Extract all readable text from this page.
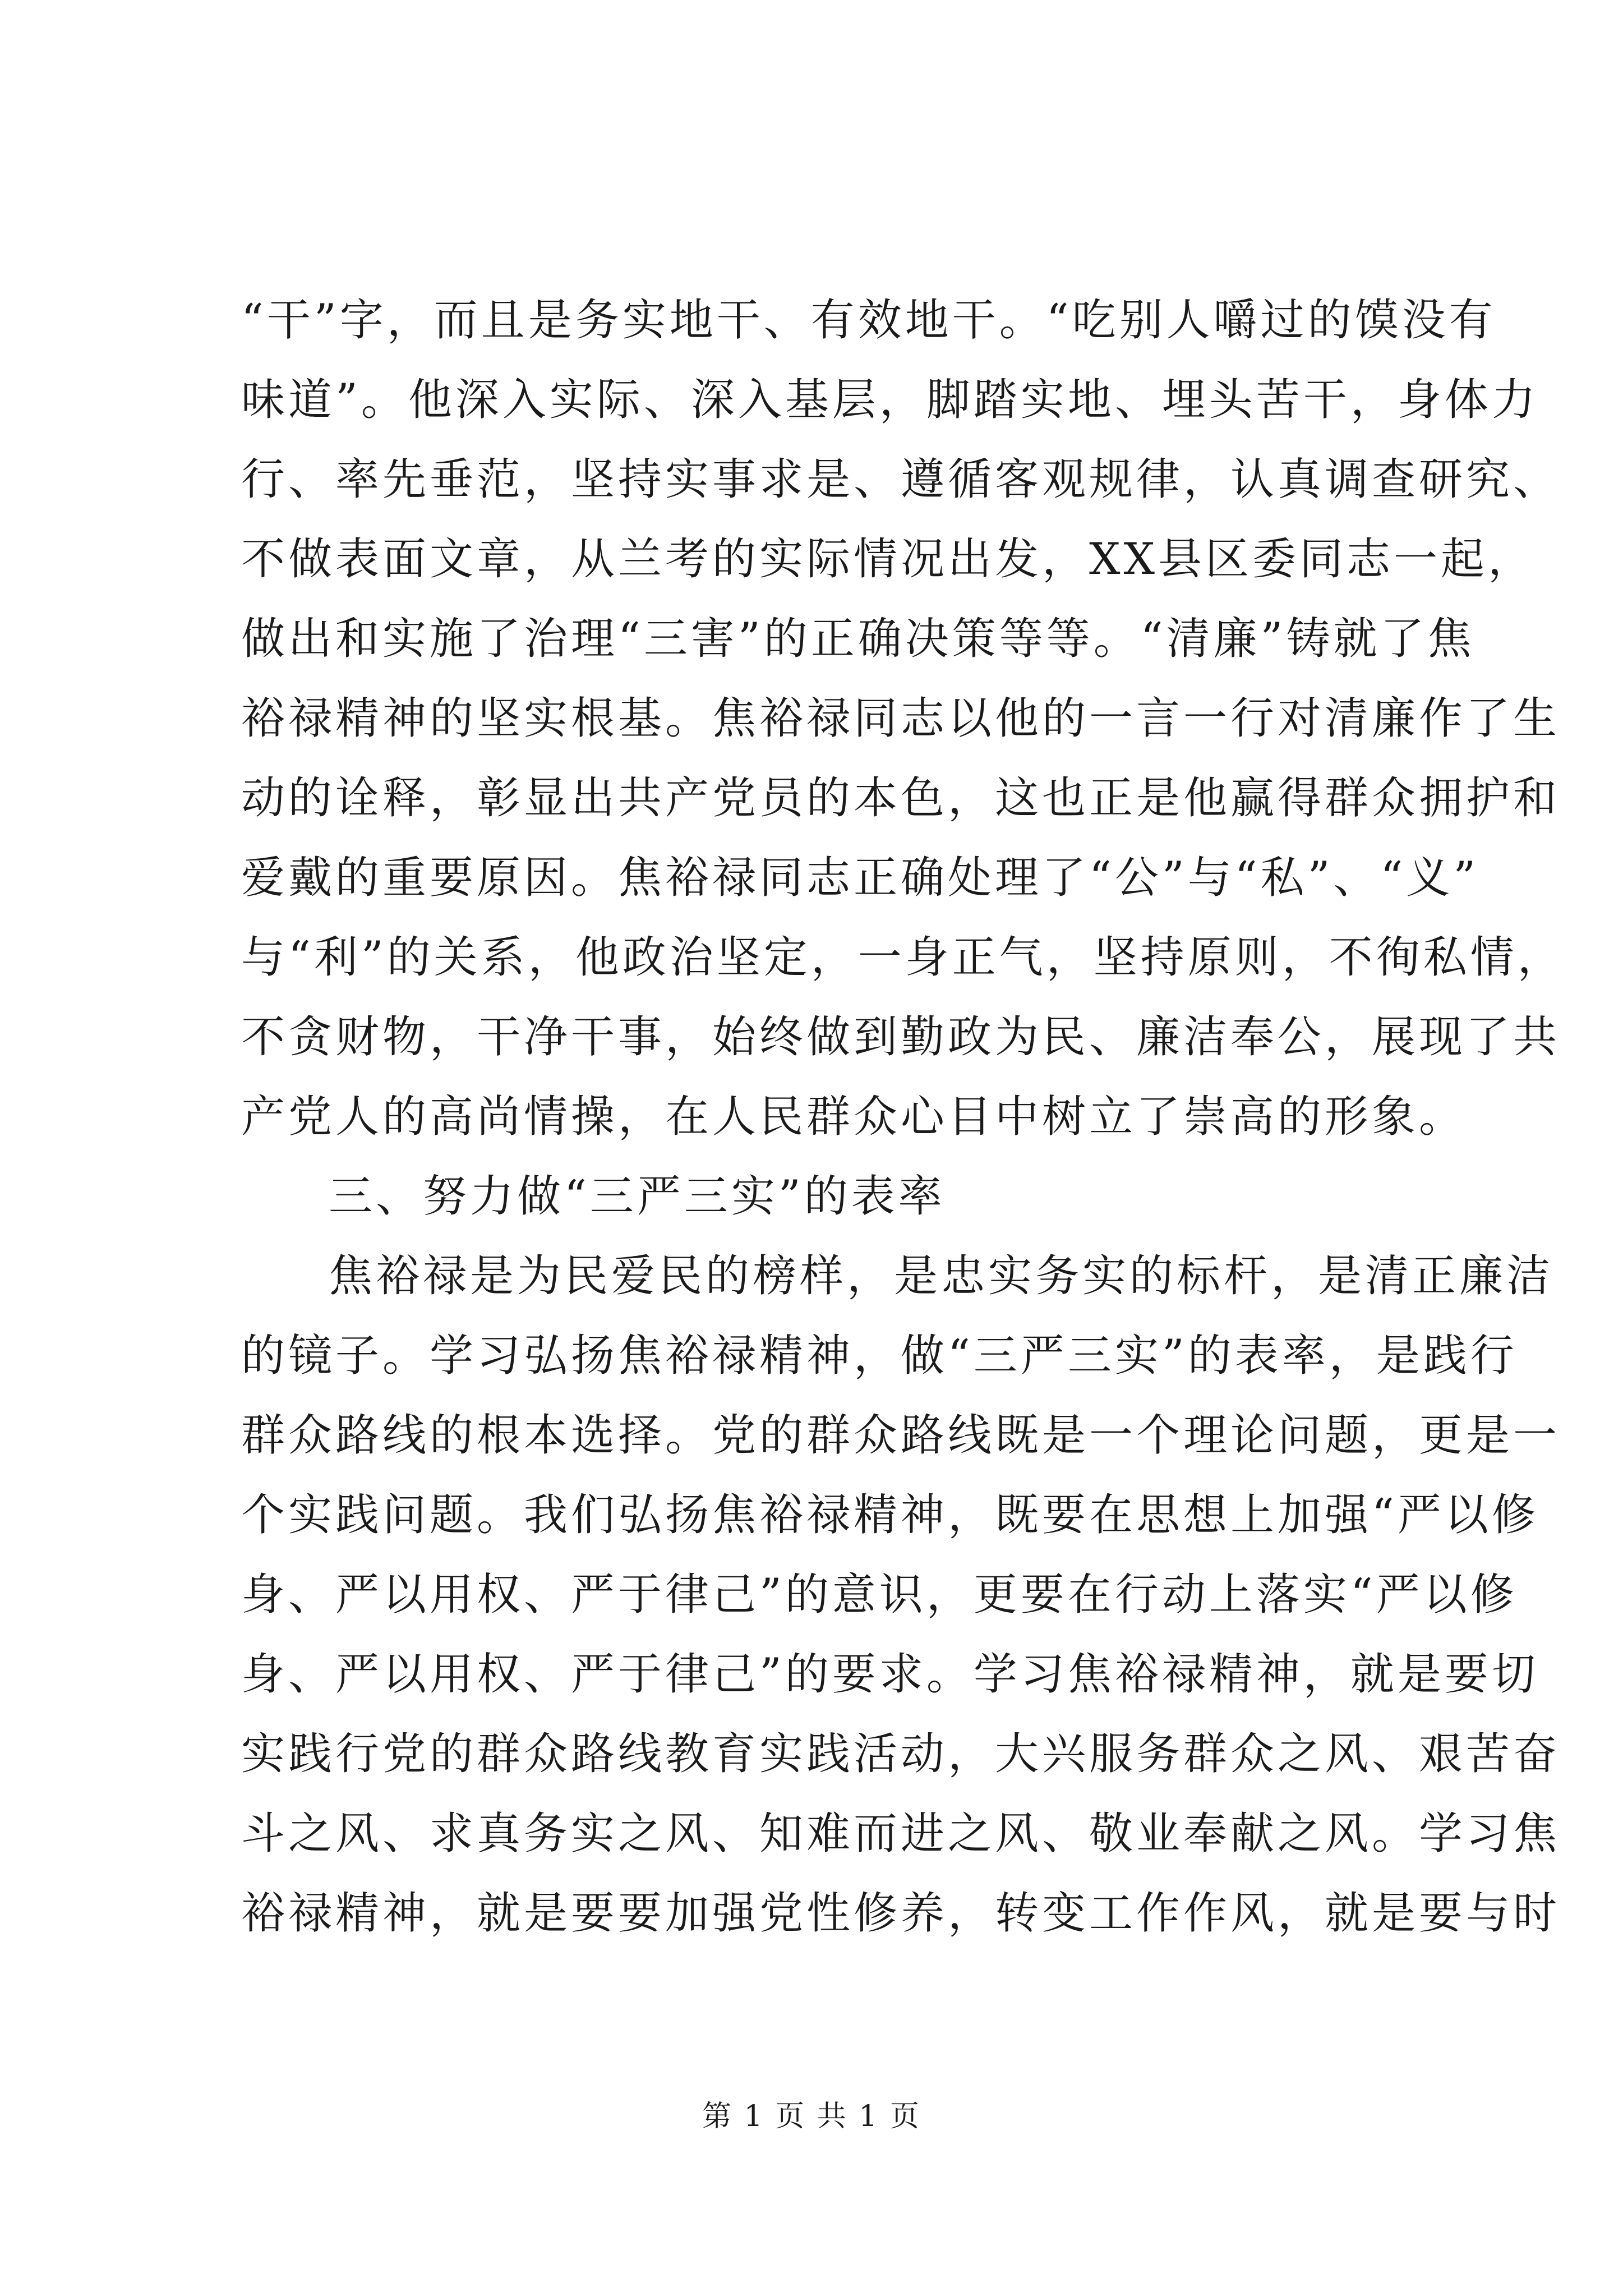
“干”字，而且是务实地干、有效地干。“吃别人嚼过的馍没有
味道”。他深入实际、深入基层，脚踏实地、埋头苦干，身体力
行、率先垂范，坚持实事求是、遵循客观规律，认真调查研究、
不做表面文章，从兰考的实际情况出发，XX县区委同志一起，
做出和实施了治理“三害”的正确决策等等。“清廉”铸就了焦
裕禄精神的坚实根基。焦裕禄同志以他的一言一行对清廉作了生
动的诠释，彰显出共产党员的本色，这也正是他赢得群众拥护和
爱戴的重要原因。焦裕禄同志正确处理了“公”与“私”、“义”
与“利”的关系，他政治坚定，一身正气，坚持原则，不徇私情，
不贪财物，干净干事，始终做到勤政为民、廉洁奉公，展现了共
产党人的高尚情操，在人民群众心目中树立了崇高的形象。
三、努力做“三严三实”的表率
焦裕禄是为民爱民的榜样，是忠实务实的标杆，是清正廉洁
的镜子。学习弘扬焦裕禄精神，做“三严三实”的表率，是践行
群众路线的根本选择。党的群众路线既是一个理论问题，更是一
个实践问题。我们弘扬焦裕禄精神，既要在思想上加强“严以修
身、严以用权、严于律己”的意识，更要在行动上落实“严以修
身、严以用权、严于律己”的要求。学习焦裕禄精神，就是要切
实践行党的群众路线教育实践活动，大兴服务群众之风、艰苦奋
斗之风、求真务实之风、知难而进之风、敬业奉献之风。学习焦
裕禄精神，就是要要加强党性修养，转变工作作风，就是要与时
第 1 页 共 1 页
